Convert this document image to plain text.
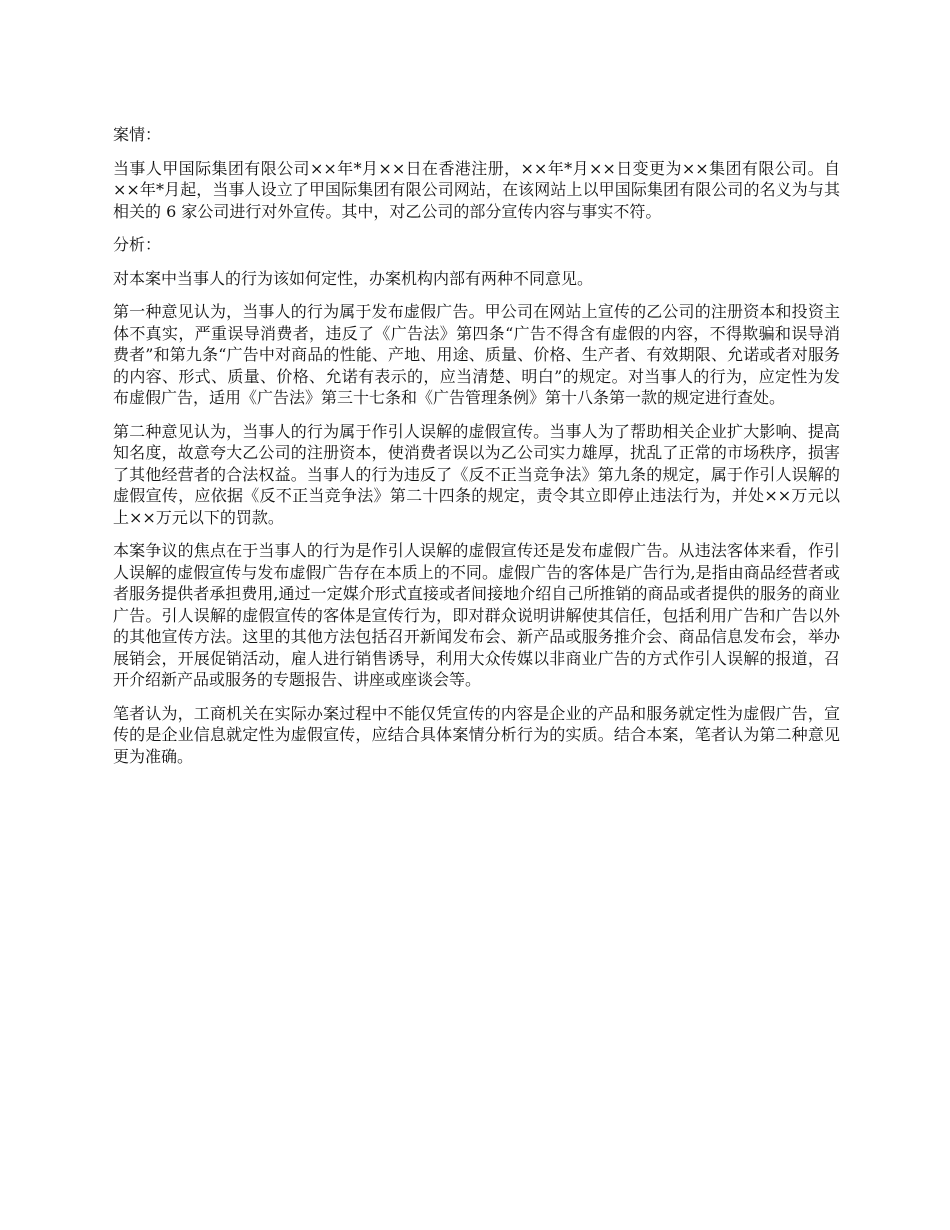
案情：

当事人甲国际集团有限公司××年*月××日在香港注册，××年*月××日变更为××集团有限公司。自××年*月起，当事人设立了甲国际集团有限公司网站，在该网站上以甲国际集团有限公司的名义为与其相关的 6 家公司进行对外宣传。其中，对乙公司的部分宣传内容与事实不符。

分析：

对本案中当事人的行为该如何定性，办案机构内部有两种不同意见。

第一种意见认为，当事人的行为属于发布虚假广告。甲公司在网站上宣传的乙公司的注册资本和投资主体不真实，严重误导消费者，违反了《广告法》第四条“广告不得含有虚假的内容，不得欺骗和误导消费者”和第九条“广告中对商品的性能、产地、用途、质量、价格、生产者、有效期限、允诺或者对服务的内容、形式、质量、价格、允诺有表示的，应当清楚、明白”的规定。对当事人的行为，应定性为发布虚假广告，适用《广告法》第三十七条和《广告管理条例》第十八条第一款的规定进行查处。

第二种意见认为，当事人的行为属于作引人误解的虚假宣传。当事人为了帮助相关企业扩大影响、提高知名度，故意夸大乙公司的注册资本，使消费者误以为乙公司实力雄厚，扰乱了正常的市场秩序，损害了其他经营者的合法权益。当事人的行为违反了《反不正当竞争法》第九条的规定，属于作引人误解的虚假宣传，应依据《反不正当竞争法》第二十四条的规定，责令其立即停止违法行为，并处××万元以上××万元以下的罚款。

本案争议的焦点在于当事人的行为是作引人误解的虚假宣传还是发布虚假广告。从违法客体来看，作引人误解的虚假宣传与发布虚假广告存在本质上的不同。虚假广告的客体是广告行为,是指由商品经营者或者服务提供者承担费用,通过一定媒介形式直接或者间接地介绍自己所推销的商品或者提供的服务的商业广告。引人误解的虚假宣传的客体是宣传行为，即对群众说明讲解使其信任，包括利用广告和广告以外的其他宣传方法。这里的其他方法包括召开新闻发布会、新产品或服务推介会、商品信息发布会，举办展销会，开展促销活动，雇人进行销售诱导，利用大众传媒以非商业广告的方式作引人误解的报道，召开介绍新产品或服务的专题报告、讲座或座谈会等。

笔者认为，工商机关在实际办案过程中不能仅凭宣传的内容是企业的产品和服务就定性为虚假广告，宣传的是企业信息就定性为虚假宣传，应结合具体案情分析行为的实质。结合本案，笔者认为第二种意见更为准确。
